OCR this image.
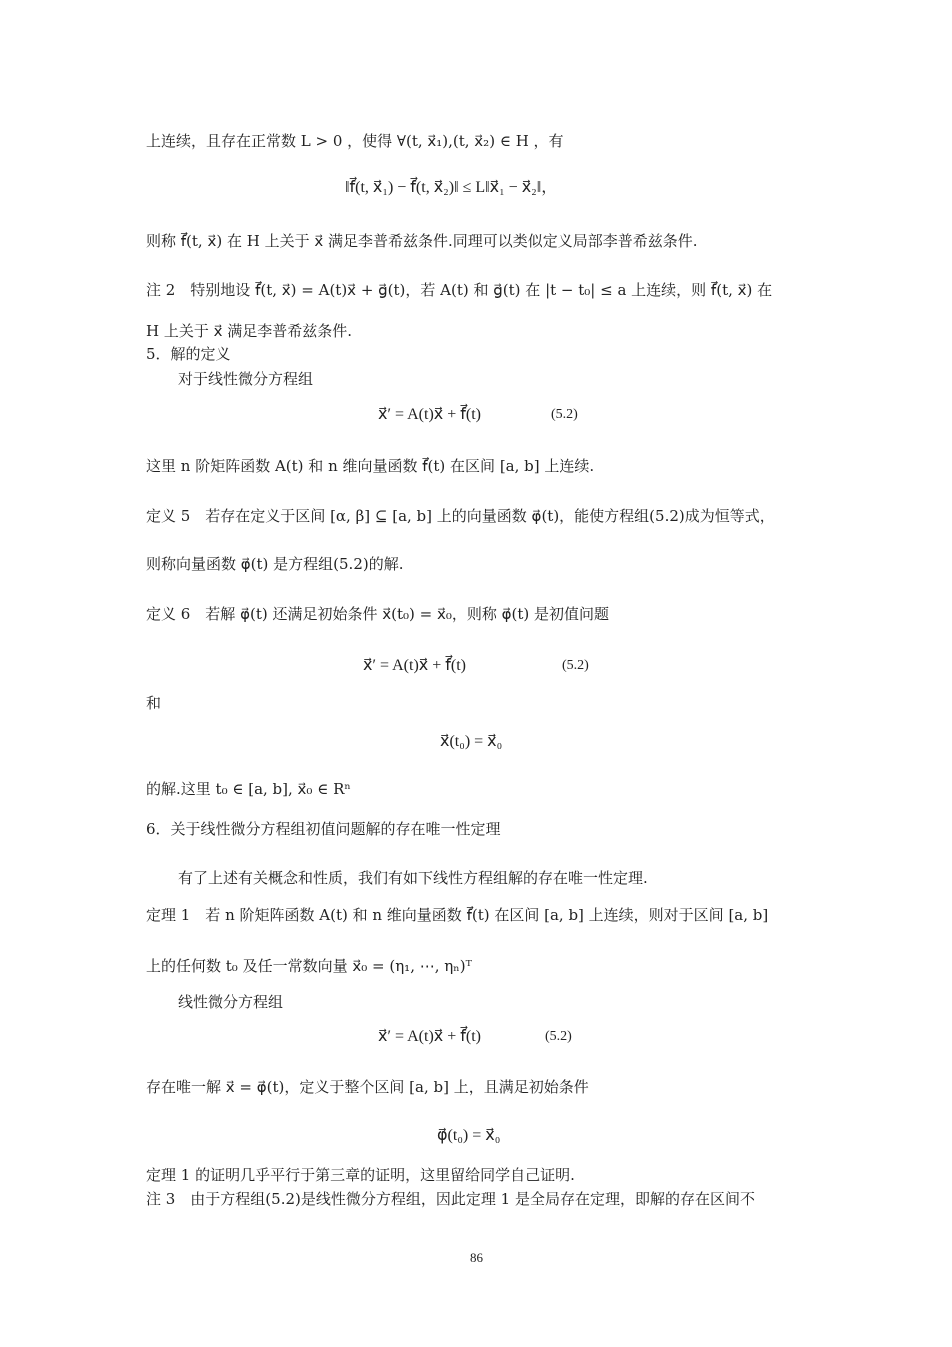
上连续，且存在正常数 L > 0 ，使得 ∀(t, x⃗₁),(t, x⃗₂) ∈ H ，有
‖f⃗(t, x⃗₁) − f⃗(t, x⃗₂)‖ ≤ L‖x⃗₁ − x⃗₂‖，
则称 f⃗(t, x⃗) 在 H 上关于 x⃗ 满足李普希兹条件.同理可以类似定义局部李普希兹条件.
注 2　特别地设 f⃗(t, x⃗) = A(t)x⃗ + g⃗(t)，若 A(t) 和 g⃗(t) 在 |t − t₀| ≤ a 上连续，则 f⃗(t, x⃗) 在
H 上关于 x⃗ 满足李普希兹条件.
5．解的定义
对于线性微分方程组
x⃗′ = A(t)x⃗ + f⃗(t)	(5.2)
这里 n 阶矩阵函数 A(t) 和 n 维向量函数 f⃗(t) 在区间 [a, b] 上连续.
定义 5　若存在定义于区间 [α, β] ⊆ [a, b] 上的向量函数 φ⃗(t)，能使方程组(5.2)成为恒等式，
则称向量函数 φ⃗(t) 是方程组(5.2)的解.
定义 6　若解 φ⃗(t) 还满足初始条件 x⃗(t₀) = x⃗₀，则称 φ⃗(t) 是初值问题
x⃗′ = A(t)x⃗ + f⃗(t)	(5.2)
和
x⃗(t₀) = x⃗₀
的解.这里 t₀ ∈ [a, b], x⃗₀ ∈ Rⁿ
6．关于线性微分方程组初值问题解的存在唯一性定理
有了上述有关概念和性质，我们有如下线性方程组解的存在唯一性定理.
定理 1　若 n 阶矩阵函数 A(t) 和 n 维向量函数 f⃗(t) 在区间 [a, b] 上连续，则对于区间 [a, b]
上的任何数 t₀ 及任一常数向量 x⃗₀ = (η₁, ⋯, ηₙ)ᵀ
线性微分方程组
x⃗′ = A(t)x⃗ + f⃗(t)	(5.2)
存在唯一解 x⃗ = φ⃗(t)，定义于整个区间 [a, b] 上，且满足初始条件
φ⃗(t₀) = x⃗₀
定理 1 的证明几乎平行于第三章的证明，这里留给同学自己证明.
注 3　由于方程组(5.2)是线性微分方程组，因此定理 1 是全局存在定理，即解的存在区间不
86
